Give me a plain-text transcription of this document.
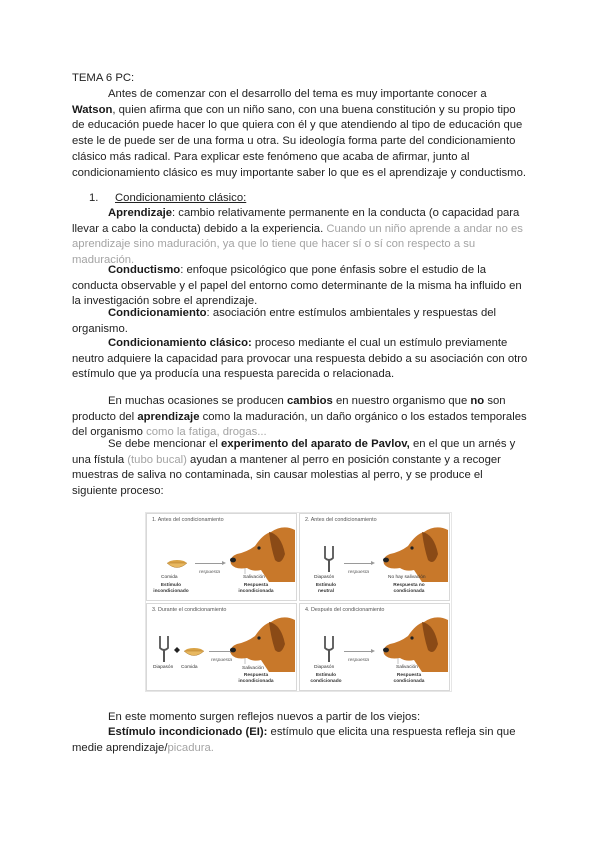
TEMA 6 PC:

Antes de comenzar con el desarrollo del tema es muy importante conocer a Watson, quien afirma que con un niño sano, con una buena constitución y su propio tipo de educación puede hacer lo que quiera con él y que atendiendo al tipo de educación que este le de puede ser de una forma u otra. Su ideología forma parte del condicionamiento clásico más radical. Para explicar este fenómeno que acaba de afirmar, junto al condicionamiento clásico es muy importante saber lo que es el aprendizaje y conductismo.

1. Condicionamiento clásico:

Aprendizaje: cambio relativamente permanente en la conducta (o capacidad para llevar a cabo la conducta) debido a la experiencia. Cuando un niño aprende a andar no es aprendizaje sino maduración, ya que lo tiene que hacer sí o sí con respecto a su maduración.

Conductismo: enfoque psicológico que pone énfasis sobre el estudio de la conducta observable y el papel del entorno como determinante de la misma ha influido en la investigación sobre el aprendizaje.

Condicionamiento: asociación entre estímulos ambientales y respuestas del organismo.

Condicionamiento clásico: proceso mediante el cual un estímulo previamente neutro adquiere la capacidad para provocar una respuesta debido a su asociación con otro estímulo que ya producía una respuesta parecida o relacionada.

En muchas ocasiones se producen cambios en nuestro organismo que no son producto del aprendizaje como la maduración, un daño orgánico o los estados temporales del organismo como la fatiga, drogas...

Se debe mencionar el experimento del aparato de Pavlov, en el que un arnés y una fístula (tubo bucal) ayudan a mantener al perro en posición constante y a recoger muestras de saliva no contaminada, sin causar molestias al perro, y se produce el siguiente proceso:

1. Antes del condicionamiento
respuesta
Comida
Estímulo incondicionado
Salivación
Respuesta incondicionada
2. Antes del condicionamiento
respuesta
Diapasón
Estímulo neutral
No hay salivación
Respuesta no condicionada
3. Durante el condicionamiento
respuesta
Diapasón Comida
Respuesta incondicionada
4. Después del condicionamiento
respuesta
Diapasón
Estímulo condicionado
Salivación
Respuesta condicionada
Salivación

En este momento surgen reflejos nuevos a partir de los viejos:

Estímulo incondicionado (EI): estímulo que elicita una respuesta refleja sin que medie aprendizaje/picadura.
